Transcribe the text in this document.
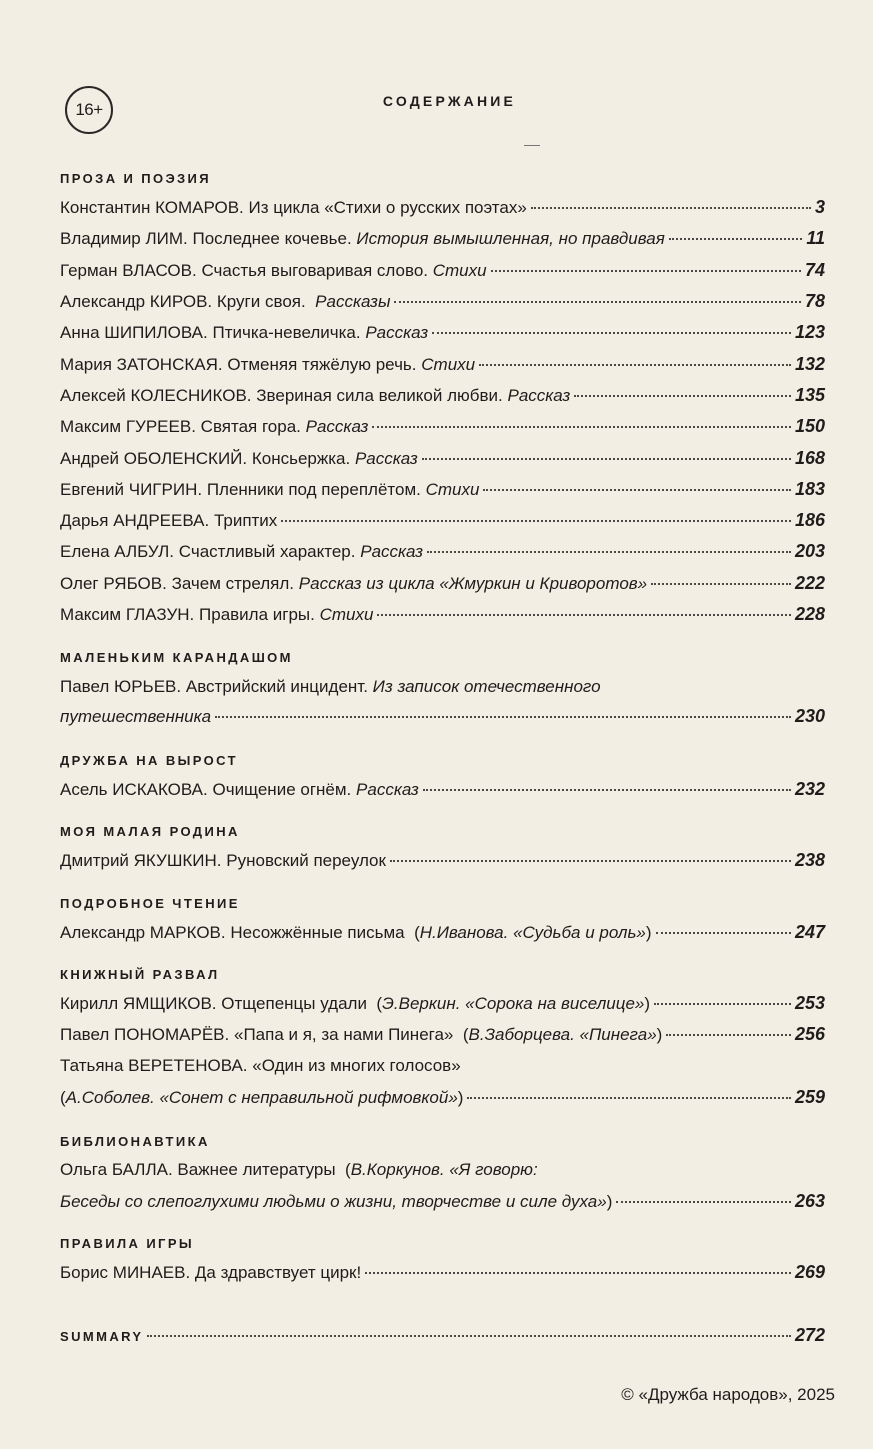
16+	СОДЕРЖАНИЕ
ПРОЗА И ПОЭЗИЯ
Константин КОМАРОВ.
Из цикла «Стихи о русских поэтах»	3
Владимир ЛИМ.
Последнее кочевье.
История вымышленная, но правдивая	11
Герман ВЛАСОВ.
Счастья выговаривая слово.
Стихи	74
Александр КИРОВ.
Круги своя.
Рассказы	78
Анна ШИПИЛОВА.
Птичка-невеличка.
Рассказ	123
Мария ЗАТОНСКАЯ.
Отменяя тяжёлую речь.
Стихи	132
Алексей КОЛЕСНИКОВ.
Звериная сила великой любви.
Рассказ	135
Максим ГУРЕЕВ.
Святая гора.
Рассказ	150
Андрей ОБОЛЕНСКИЙ.
Консьержка.
Рассказ	168
Евгений ЧИГРИН.
Пленники под переплётом.
Стихи	183
Дарья АНДРЕЕВА.
Триптих	186
Елена АЛБУЛ.
Счастливый характер.
Рассказ	203
Олег РЯБОВ.
Зачем стрелял.
Рассказ из цикла «Жмуркин и Криворотов»	222
Максим ГЛАЗУН.
Правила игры.
Стихи	228
МАЛЕНЬКИМ КАРАНДАШОМ
Павел ЮРЬЕВ. Австрийский инцидент. Из записок отечественного
путешественника	230
ДРУЖБА НА ВЫРОСТ
Асель ИСКАКОВА.
Очищение огнём.
Рассказ	232
МОЯ МАЛАЯ РОДИНА
Дмитрий ЯКУШКИН.
Руновский переулок	238
ПОДРОБНОЕ ЧТЕНИЕ
Александр МАРКОВ.
Несожжённые письма
( Н.Иванова. «Судьба и роль» )	247
КНИЖНЫЙ РАЗВАЛ
Кирилл ЯМЩИКОВ.
Отщепенцы удали
( Э.Веркин. «Сорока на виселице» )	253
Павел ПОНОМАРЁВ.
«Папа и я, за нами Пинега»
( В.Заборцева. «Пинега» )	256
Татьяна ВЕРЕТЕНОВА. «Один из многих голосов»
( А.Соболев. «Сонет с неправильной рифмовкой» )	259
БИБЛИОНАВТИКА
Ольга БАЛЛА. Важнее литературы (В.Коркунов. «Я говорю:
Беседы со слепоглухими людьми о жизни, творчестве и силе духа» )	263
ПРАВИЛА ИГРЫ
Борис МИНАЕВ.
Да здравствует цирк!	269
SUMMARY	272
© «Дружба народов», 2025
